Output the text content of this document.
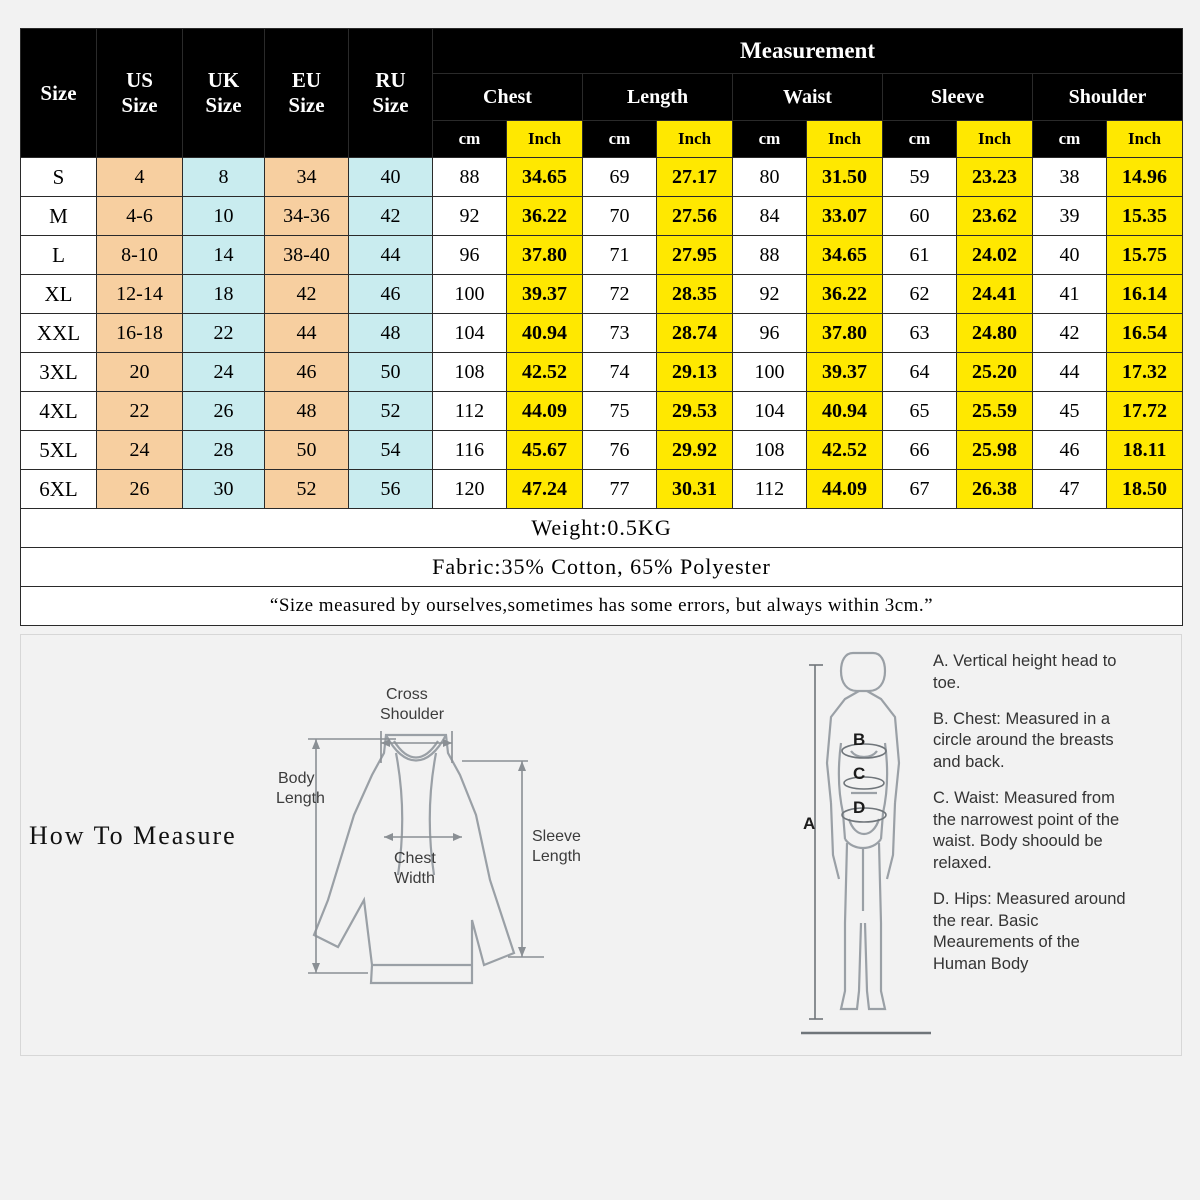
Size	
US
Size

UK
Size

EU
Size

RU
Size
	Measurement
					Chest		Length		Waist		Sleeve		Shoulder	
					cm	Inch	cm	Inch	cm	Inch	cm	Inch	cm	Inch
S	4	8	34	40	88	34.65	69	27.17	80	31.50	59	23.23	38	14.96
M	4-6	10	34-36	42	92	36.22	70	27.56	84	33.07	60	23.62	39	15.35
L	8-10	14	38-40	44	96	37.80	71	27.95	88	34.65	61	24.02	40	15.75
XL	12-14	18	42	46	100	39.37	72	28.35	92	36.22	62	24.41	41	16.14
XXL	16-18	22	44	48	104	40.94	73	28.74	96	37.80	63	24.80	42	16.54
3XL	20	24	46	50	108	42.52	74	29.13	100	39.37	64	25.20	44	17.32
4XL	22	26	48	52	112	44.09	75	29.53	104	40.94	65	25.59	45	17.72
5XL	24	28	50	54	116	45.67	76	29.92	108	42.52	66	25.98	46	18.11
6XL	26	30	52	56	120	47.24	77	30.31	112	44.09	67	26.38	47	18.50
Weight:0.5KG														
Fabric:35% Cotton, 65% Polyester														
“Size measured by ourselves,sometimes has some errors, but always within 3cm.”														
How To Measure
Cross
Shoulder
Body
Length
Chest
Width
Sleeve
Length
A
B
C
D

A. Vertical height head to toe.

B. Chest: Measured in a circle around the breasts and back.

C. Waist: Measured from the narrowest point of the waist. Body shoould be relaxed.

D. Hips: Measured around the rear. Basic Meaurements of the Human Body
